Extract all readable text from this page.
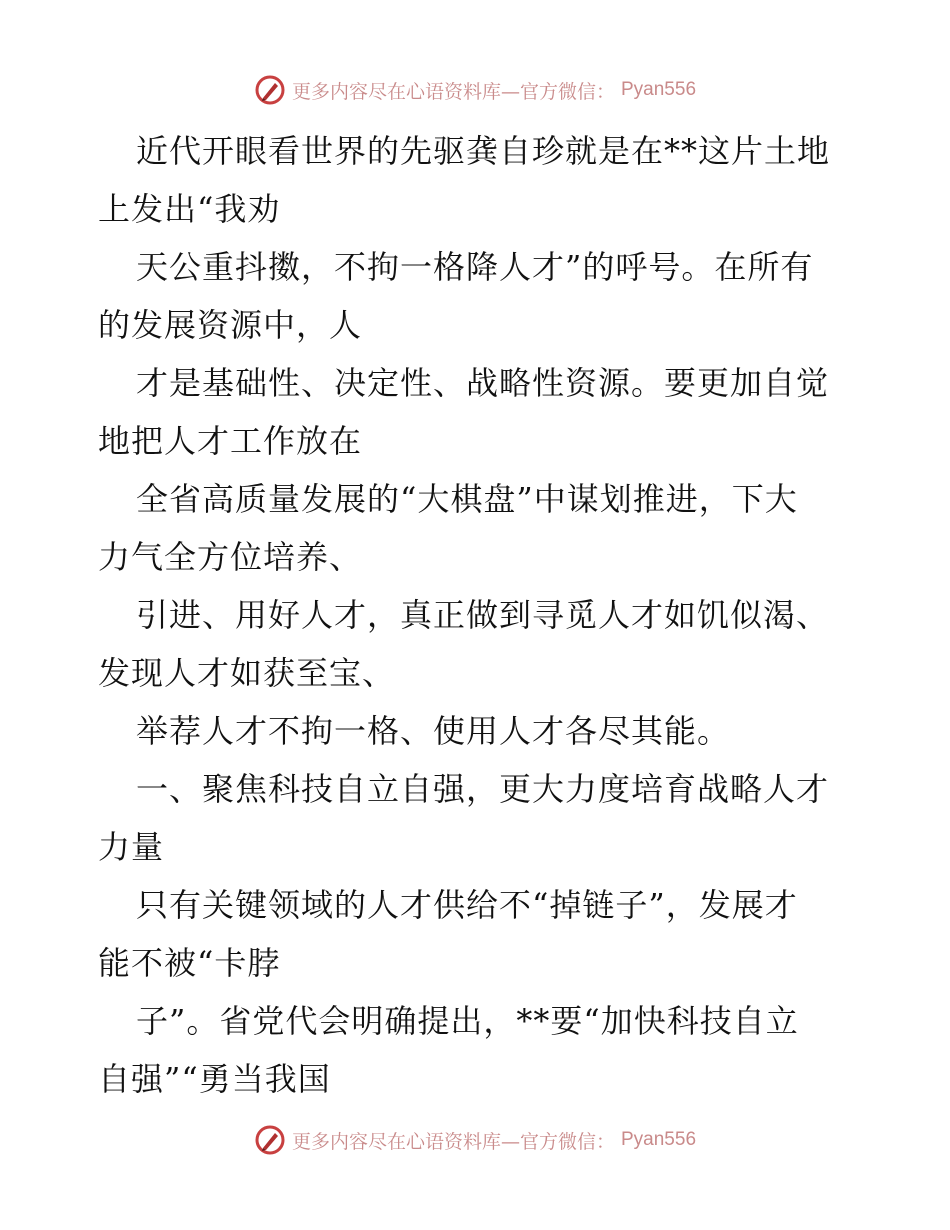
更多内容尽在心语资料库—官方微信： Pyan556
近代开眼看世界的先驱龚自珍就是在**这片土地
上发出“我劝
天公重抖擞，不拘一格降人才”的呼号。在所有
的发展资源中，人
才是基础性、决定性、战略性资源。要更加自觉
地把人才工作放在
全省高质量发展的“大棋盘”中谋划推进，下大
力气全方位培养、
引进、用好人才，真正做到寻觅人才如饥似渴、
发现人才如获至宝、
举荐人才不拘一格、使用人才各尽其能。
一、聚焦科技自立自强，更大力度培育战略人才
力量
只有关键领域的人才供给不“掉链子”，发展才
能不被“卡脖
子”。省党代会明确提出，**要“加快科技自立
自强”“勇当我国
更多内容尽在心语资料库—官方微信： Pyan556
